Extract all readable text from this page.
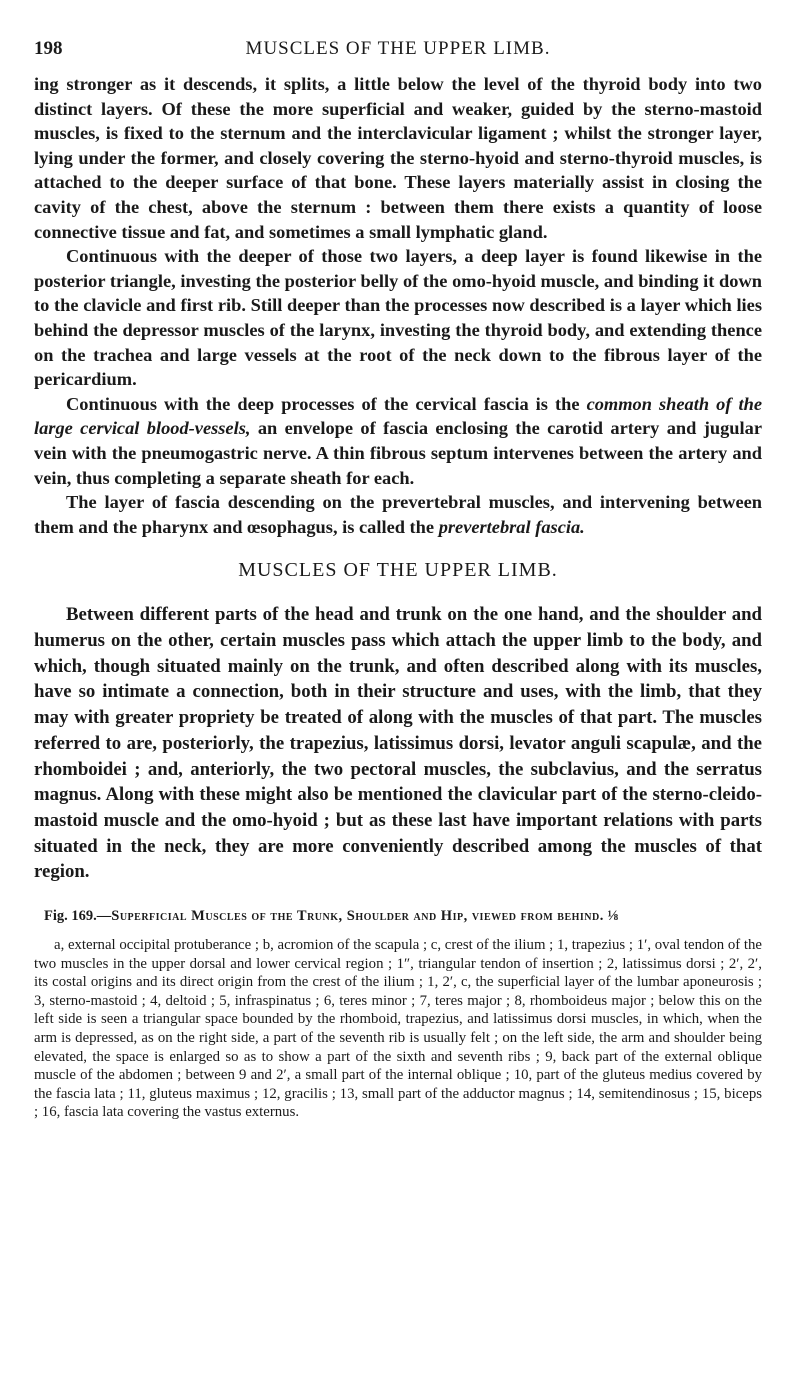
198	MUSCLES OF THE UPPER LIMB.

ing stronger as it descends, it splits, a little below the level of the thyroid body into two distinct layers. Of these the more superficial and weaker, guided by the sterno-mastoid muscles, is fixed to the sternum and the interclavicular ligament ; whilst the stronger layer, lying under the former, and closely covering the sterno-hyoid and sterno-thyroid muscles, is attached to the deeper surface of that bone. These layers materially assist in closing the cavity of the chest, above the sternum : between them there exists a quantity of loose connective tissue and fat, and sometimes a small lymphatic gland.

Continuous with the deeper of those two layers, a deep layer is found likewise in the posterior triangle, investing the posterior belly of the omo-hyoid muscle, and binding it down to the clavicle and first rib. Still deeper than the processes now described is a layer which lies behind the depressor muscles of the larynx, investing the thyroid body, and extending thence on the trachea and large vessels at the root of the neck down to the fibrous layer of the pericardium.

Continuous with the deep processes of the cervical fascia is the common sheath of the large cervical blood-vessels, an envelope of fascia enclosing the carotid artery and jugular vein with the pneumogastric nerve. A thin fibrous septum intervenes between the artery and vein, thus completing a separate sheath for each.

The layer of fascia descending on the prevertebral muscles, and intervening between them and the pharynx and œsophagus, is called the prevertebral fascia.

MUSCLES OF THE UPPER LIMB.

Between different parts of the head and trunk on the one hand, and the shoulder and humerus on the other, certain muscles pass which attach the upper limb to the body, and which, though situated mainly on the trunk, and often described along with its muscles, have so intimate a connection, both in their structure and uses, with the limb, that they may with greater propriety be treated of along with the muscles of that part. The muscles referred to are, posteriorly, the trapezius, latissimus dorsi, levator anguli scapulæ, and the rhomboidei ; and, anteriorly, the two pectoral muscles, the subclavius, and the serratus magnus. Along with these might also be mentioned the clavicular part of the sterno-cleido-mastoid muscle and the omo-hyoid ; but as these last have important relations with parts situated in the neck, they are more conveniently described among the muscles of that region.

Fig. 169.—Superficial Muscles of the Trunk, Shoulder and Hip, viewed from behind. ⅛

a, external occipital protuberance ; b, acromion of the scapula ; c, crest of the ilium ; 1, trapezius ; 1′, oval tendon of the two muscles in the upper dorsal and lower cervical region ; 1″, triangular tendon of insertion ; 2, latissimus dorsi ; 2′, 2′, its costal origins and its direct origin from the crest of the ilium ; 1, 2′, c, the superficial layer of the lumbar aponeurosis ; 3, sterno-mastoid ; 4, deltoid ; 5, infraspinatus ; 6, teres minor ; 7, teres major ; 8, rhomboideus major ; below this on the left side is seen a triangular space bounded by the rhomboid, trapezius, and latissimus dorsi muscles, in which, when the arm is depressed, as on the right side, a part of the seventh rib is usually felt ; on the left side, the arm and shoulder being elevated, the space is enlarged so as to show a part of the sixth and seventh ribs ; 9, back part of the external oblique muscle of the abdomen ; between 9 and 2′, a small part of the internal oblique ; 10, part of the gluteus medius covered by the fascia lata ; 11, gluteus maximus ; 12, gracilis ; 13, small part of the adductor magnus ; 14, semitendinosus ; 15, biceps ; 16, fascia lata covering the vastus externus.
